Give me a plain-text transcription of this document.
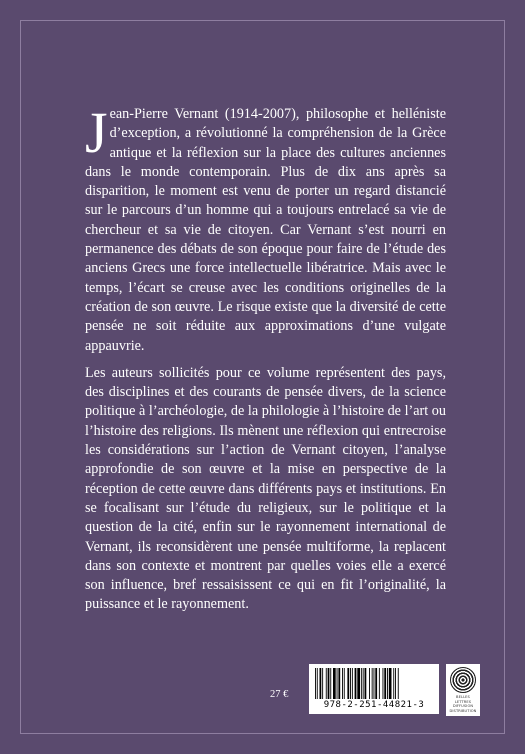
Jean-Pierre Vernant (1914-2007), philosophe et helléniste d’exception, a révolutionné la compréhension de la Grèce antique et la réflexion sur la place des cultures anciennes dans le monde contemporain. Plus de dix ans après sa disparition, le moment est venu de porter un regard distancié sur le parcours d’un homme qui a toujours entrelacé sa vie de chercheur et sa vie de citoyen. Car Vernant s’est nourri en permanence des débats de son époque pour faire de l’étude des anciens Grecs une force intellectuelle libératrice. Mais avec le temps, l’écart se creuse avec les conditions originelles de la création de son œuvre. Le risque existe que la diversité de cette pensée ne soit réduite aux approximations d’une vulgate appauvrie.

Les auteurs sollicités pour ce volume représentent des pays, des disciplines et des courants de pensée divers, de la science politique à l’archéologie, de la philologie à l’histoire de l’art ou l’histoire des religions. Ils mènent une réflexion qui entrecroise les considérations sur l’action de Vernant citoyen, l’analyse approfondie de son œuvre et la mise en perspective de la réception de cette œuvre dans différents pays et institutions. En se focalisant sur l’étude du religieux, sur le politique et la question de la cité, enfin sur le rayonnement international de Vernant, ils reconsidèrent une pensée multiforme, la replacent dans son contexte et montrent par quelles voies elle a exercé son influence, bref ressaisissent ce qui en fit l’originalité, la puissance et le rayonnement.

27 €
978-2-251-44821-3
BELLES
LETTRES
DIFFUSION
DISTRIBUTION
